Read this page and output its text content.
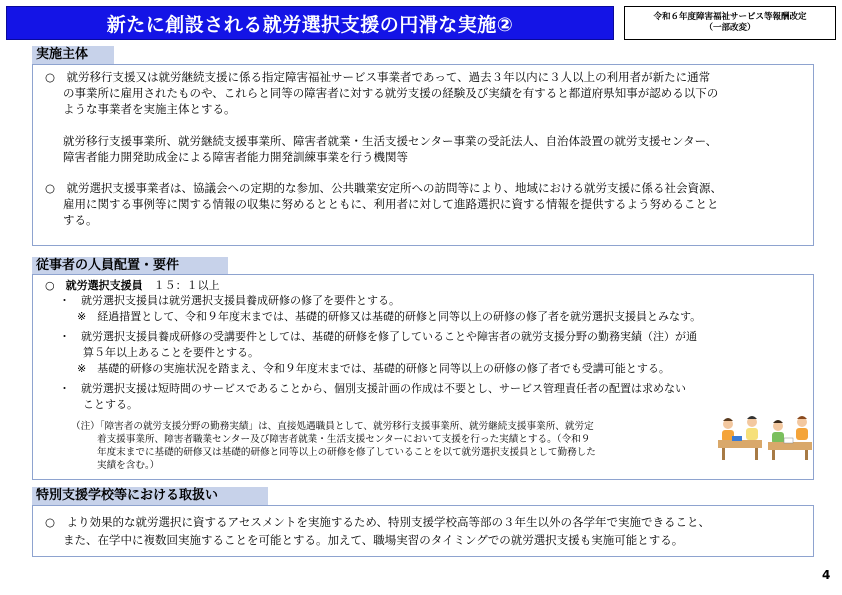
新たに創設される就労選択支援の円滑な実施②	令和６年度障害福祉サービス等報酬改定
（一部改変）
実施主体
○　就労移行支援又は就労継続支援に係る指定障害福祉サービス事業者であって、過去３年以内に３人以上の利用者が新たに通常
の事業所に雇用されたものや、これらと同等の障害者に対する就労支援の経験及び実績を有すると都道府県知事が認める以下の
ような事業者を実施主体とする。
就労移行支援事業所、就労継続支援事業所、障害者就業・生活支援センター事業の受託法人、自治体設置の就労支援センター、
障害者能力開発助成金による障害者能力開発訓練事業を行う機関等
○　就労選択支援事業者は、協議会への定期的な参加、公共職業安定所への訪問等により、地域における就労支援に係る社会資源、
雇用に関する事例等に関する情報の収集に努めるとともに、利用者に対して進路選択に資する情報を提供するよう努めることと
する。
従事者の人員配置・要件
○　 就労選択支援員　 １５：１以上
・　就労選択支援員は就労選択支援員養成研修の修了を要件とする。
※　経過措置として、令和９年度末までは、基礎的研修又は基礎的研修と同等以上の研修の修了者を就労選択支援員とみなす。
・　就労選択支援員養成研修の受講要件としては、基礎的研修を修了していることや障害者の就労支援分野の勤務実績（注）が通
算５年以上あることを要件とする。
※　基礎的研修の実施状況を踏まえ、令和９年度末までは、基礎的研修と同等以上の研修の修了者でも受講可能とする。
・　就労選択支援は短時間のサービスであることから、個別支援計画の作成は不要とし、サービス管理責任者の配置は求めない
ことする。
（注）「障害者の就労支援分野の勤務実績」は、直接処遇職員として、就労移行支援事業所、就労継続支援事業所、就労定
着支援事業所、障害者職業センター及び障害者就業・生活支援センターにおいて支援を行った実績とする。（令和９
年度末までに基礎的研修又は基礎的研修と同等以上の研修を修了していることを以て就労選択支援員として勤務した
実績を含む。）
特別支援学校等における取扱い
○　より効果的な就労選択に資するアセスメントを実施するため、特別支援学校高等部の３年生以外の各学年で実施できること、
また、在学中に複数回実施することを可能とする。加えて、職場実習のタイミングでの就労選択支援も実施可能とする。
4
